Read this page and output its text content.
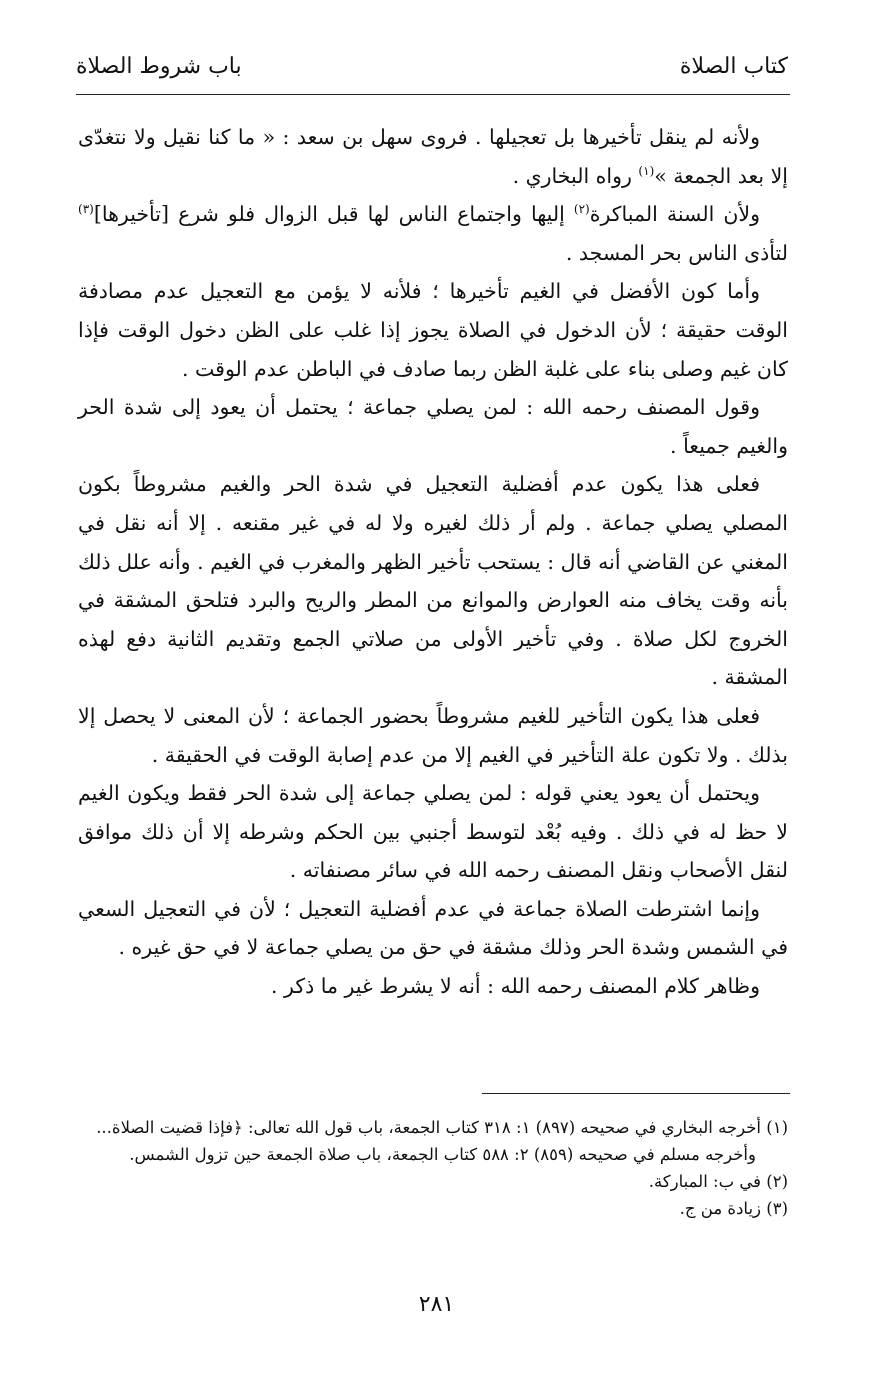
كتاب الصلاة
باب شروط الصلاة

ولأنه لم ينقل تأخيرها بل تعجيلها . فروى سهل بن سعد : « ما كنا نقيل ولا نتغدّى إلا بعد الجمعة »$^{(١)}$ رواه البخاري .

ولأن السنة المباكرة$^{(٢)}$ إليها واجتماع الناس لها قبل الزوال فلو شرع [تأخيرها]$^{(٣)}$ لتأذى الناس بحر المسجد .

وأما كون الأفضل في الغيم تأخيرها ؛ فلأنه لا يؤمن مع التعجيل عدم مصادفة الوقت حقيقة ؛ لأن الدخول في الصلاة يجوز إذا غلب على الظن دخول الوقت فإذا كان غيم وصلى بناء على غلبة الظن ربما صادف في الباطن عدم الوقت .

وقول المصنف رحمه الله : لمن يصلي جماعة ؛ يحتمل أن يعود إلى شدة الحر والغيم جميعاً .

فعلى هذا يكون عدم أفضلية التعجيل في شدة الحر والغيم مشروطاً بكون المصلي يصلي جماعة . ولم أر ذلك لغيره ولا له في غير مقنعه . إلا أنه نقل في المغني عن القاضي أنه قال : يستحب تأخير الظهر والمغرب في الغيم . وأنه علل ذلك بأنه وقت يخاف منه العوارض والموانع من المطر والريح والبرد فتلحق المشقة في الخروج لكل صلاة . وفي تأخير الأولى من صلاتي الجمع وتقديم الثانية دفع لهذه المشقة .

فعلى هذا يكون التأخير للغيم مشروطاً بحضور الجماعة ؛ لأن المعنى لا يحصل إلا بذلك . ولا تكون علة التأخير في الغيم إلا من عدم إصابة الوقت في الحقيقة .

ويحتمل أن يعود يعني قوله : لمن يصلي جماعة إلى شدة الحر فقط ويكون الغيم لا حظ له في ذلك . وفيه بُعْد لتوسط أجنبي بين الحكم وشرطه إلا أن ذلك موافق لنقل الأصحاب ونقل المصنف رحمه الله في سائر مصنفاته .

وإنما اشترطت الصلاة جماعة في عدم أفضلية التعجيل ؛ لأن في التعجيل السعي في الشمس وشدة الحر وذلك مشقة في حق من يصلي جماعة لا في حق غيره .

وظاهر كلام المصنف رحمه الله : أنه لا يشرط غير ما ذكر .

(١) أخرجه البخاري في صحيحه (٨٩٧) ١: ٣١٨ كتاب الجمعة، باب قول الله تعالى: ﴿فإذا قضيت الصلاة...

وأخرجه مسلم في صحيحه (٨٥٩) ٢: ٥٨٨ كتاب الجمعة، باب صلاة الجمعة حين تزول الشمس.

(٢) في ب: المباركة.

(٣) زيادة من ج.

٢٨١
